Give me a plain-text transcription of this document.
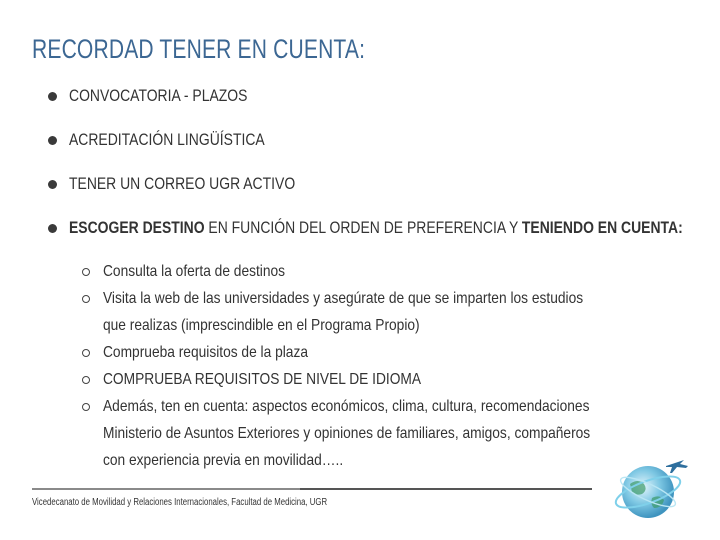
RECORDAD TENER EN CUENTA:
CONVOCATORIA - PLAZOS
ACREDITACIÓN LINGÜÍSTICA
TENER UN CORREO UGR ACTIVO
ESCOGER DESTINO EN FUNCIÓN DEL ORDEN DE PREFERENCIA Y TENIENDO EN CUENTA:
Consulta la oferta de destinos
Visita la web de las universidades y asegúrate de que se imparten los estudios que realizas (imprescindible en el Programa Propio)
Comprueba requisitos de la plaza
COMPRUEBA REQUISITOS DE NIVEL DE IDIOMA
Además, ten en cuenta: aspectos económicos, clima, cultura, recomendaciones Ministerio de Asuntos Exteriores y opiniones de familiares, amigos, compañeros con experiencia previa en movilidad…..
Vicedecanato de Movilidad y Relaciones Internacionales, Facultad de Medicina, UGR
